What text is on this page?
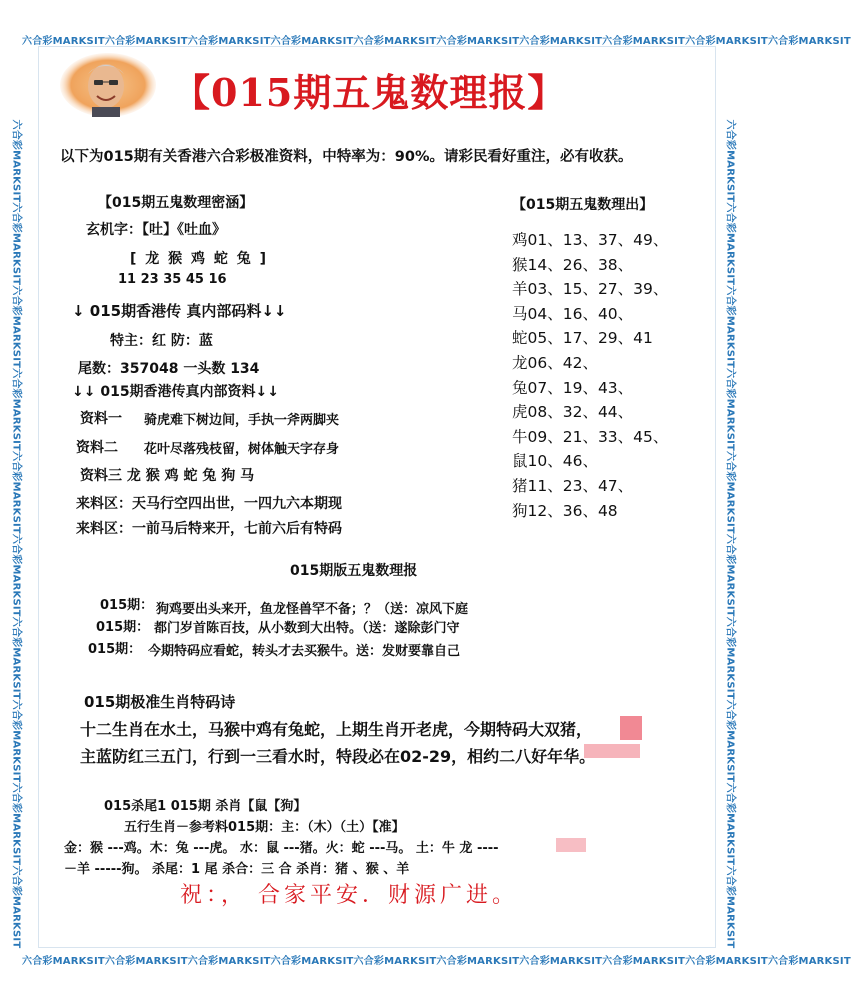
六合彩MARKSIT六合彩MARKSIT六合彩MARKSIT六合彩MARKSIT六合彩MARKSIT六合彩MARKSIT六合彩MARKSIT六合彩MARKSIT六合彩MARKSIT六合彩MARKSIT
六合彩MARKSIT六合彩MARKSIT六合彩MARKSIT六合彩MARKSIT六合彩MARKSIT六合彩MARKSIT六合彩MARKSIT六合彩MARKSIT六合彩MARKSIT六合彩MARKSIT
六合彩MARKSIT六合彩MARKSIT六合彩MARKSIT六合彩MARKSIT六合彩MARKSIT六合彩MARKSIT六合彩MARKSIT六合彩MARKSIT六合彩MARKSIT六合彩MARKSIT	六合彩MARKSIT六合彩MARKSIT六合彩MARKSIT六合彩MARKSIT六合彩MARKSIT六合彩MARKSIT六合彩MARKSIT六合彩MARKSIT六合彩MARKSIT六合彩MARKSIT
【015期五鬼数理报】
以下为015期有关香港六合彩极准资料，中特率为：90%。请彩民看好重注，必有收获。
【015期五鬼数理密涵】
玄机字：【吐】《吐血》
[ 龙 猴 鸡 蛇 兔 ]
11 23 35 45 16
↓ 015期香港传 真内部码料↓↓
特主：红 防：蓝
尾数：357048 一头数 134
↓↓ 015期香港传真内部资料↓↓
资料一 骑虎难下树边间，手执一斧两脚夹
资料二 花叶尽落残枝留，树体触天字存身
资料三 龙 猴 鸡 蛇 兔 狗 马
来料区：天马行空四出世，一四九六本期现
来料区：一前马后特来开，七前六后有特码
【015期五鬼数理出】
鸡01、13、37、49、
猴14、26、38、
羊03、15、27、39、
马04、16、40、
蛇05、17、29、41
龙06、42、
兔07、19、43、
虎08、32、44、
牛09、21、33、45、
鼠10、46、
猪11、23、47、
狗12、36、48
015期版五鬼数理报
015期： 狗鸡要出头来开，鱼龙怪兽罕不备；？（送：凉风下庭
015期： 都门岁首陈百技，从小数到大出特。（送：遂除彭门守
015期： 今期特码应看蛇，转头才去买猴牛。送：发财要靠自己
015期极准生肖特码诗
十二生肖在水土，马猴中鸡有兔蛇，上期生肖开老虎，今期特码大双猪，
主蓝防红三五门，行到一三看水时，特段必在02-29，相约二八好年华。
015杀尾1 015期 杀肖【鼠【狗】
五行生肖－参考料015期：主：（木）（土）【准】
金：猴 ---鸡。木：兔 ---虎。 水：鼠 ---猪。火：蛇 ---马。 土：牛 龙 ----
－羊 -----狗。 杀尾：1 尾 杀合：三 合 杀肖：猪 、猴 、羊
祝：， 合家平安．财源广进。
